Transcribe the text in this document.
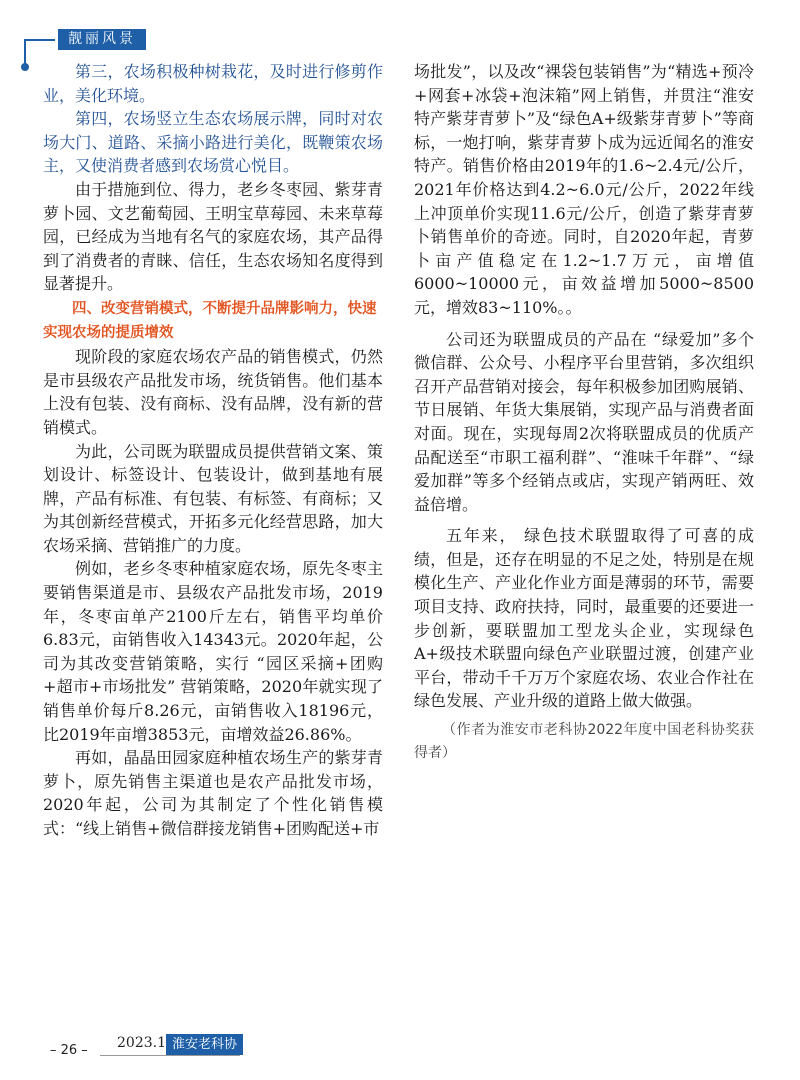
靓丽风景

第三，农场积极种树栽花，及时进行修剪作业，美化环境。

第四，农场竖立生态农场展示牌，同时对农场大门、道路、采摘小路进行美化，既鞭策农场主，又使消费者感到农场赏心悦目。

由于措施到位、得力，老乡冬枣园、紫芽青萝卜园、文艺葡萄园、王明宝草莓园、未来草莓园，已经成为当地有名气的家庭农场，其产品得到了消费者的青睐、信任，生态农场知名度得到显著提升。

四、改变营销模式，不断提升品牌影响力，快速实现农场的提质增效

现阶段的家庭农场农产品的销售模式，仍然是市县级农产品批发市场，统货销售。他们基本上没有包装、没有商标、没有品牌，没有新的营销模式。

为此，公司既为联盟成员提供营销文案、策划设计、标签设计、包装设计，做到基地有展牌，产品有标准、有包装、有标签、有商标；又为其创新经营模式，开拓多元化经营思路，加大农场采摘、营销推广的力度。

例如，老乡冬枣种植家庭农场，原先冬枣主要销售渠道是市、县级农产品批发市场，2019年，冬枣亩单产2100斤左右，销售平均单价6.83元，亩销售收入14343元。2020年起，公司为其改变营销策略，实行 “园区采摘+团购+超市+市场批发” 营销策略，2020年就实现了销售单价每斤8.26元，亩销售收入18196元，比2019年亩增3853元，亩增效益26.86%。

再如，晶晶田园家庭种植农场生产的紫芽青萝卜，原先销售主渠道也是农产品批发市场，2020年起，公司为其制定了个性化销售模式：“线上销售+微信群接龙销售+团购配送+市

场批发”，以及改“裸袋包装销售”为“精选+预冷+网套+冰袋+泡沫箱”网上销售，并贯注“淮安特产紫芽青萝卜”及“绿色A+级紫芽青萝卜”等商标，一炮打响，紫芽青萝卜成为远近闻名的淮安特产。销售价格由2019年的1.6~2.4元/公斤，2021年价格达到4.2~6.0元/公斤，2022年线上冲顶单价实现11.6元/公斤，创造了紫芽青萝卜销售单价的奇迹。同时，自2020年起，青萝卜亩产值稳定在1.2~1.7万元，亩增值6000~10000元，亩效益增加5000~8500元，增效83~110%。。

公司还为联盟成员的产品在 “绿爱加”多个微信群、公众号、小程序平台里营销，多次组织召开产品营销对接会，每年积极参加团购展销、节日展销、年货大集展销，实现产品与消费者面对面。现在，实现每周2次将联盟成员的优质产品配送至“市职工福利群”、“淮味千年群”、“绿爱加群”等多个经销点或店，实现产销两旺、效益倍增。

五年来， 绿色技术联盟取得了可喜的成绩，但是，还存在明显的不足之处，特别是在规模化生产、产业化作业方面是薄弱的环节，需要项目支持、政府扶持，同时，最重要的还要进一步创新，要联盟加工型龙头企业，实现绿色A+级技术联盟向绿色产业联盟过渡，创建产业平台，带动千千万万个家庭农场、农业合作社在绿色发展、产业升级的道路上做大做强。

（作者为淮安市老科协2022年度中国老科协奖获得者）

– 26 – 2023.1 淮安老科协
